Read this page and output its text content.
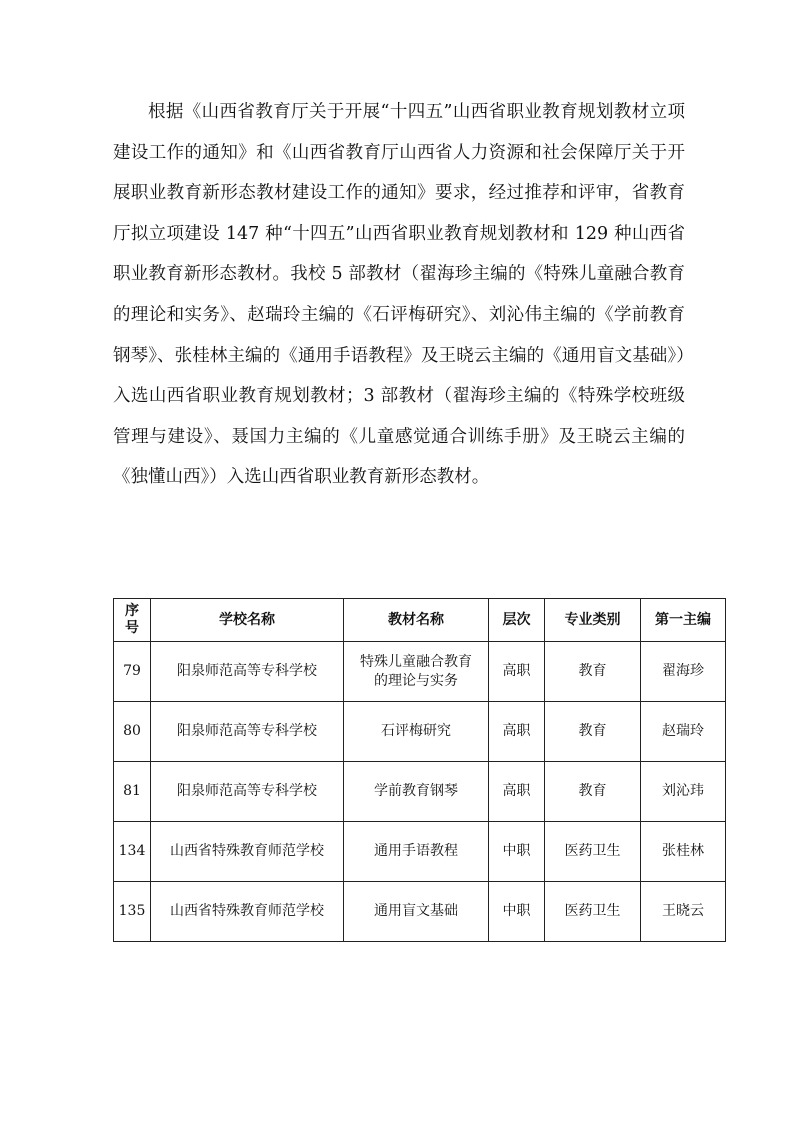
根据《山西省教育厅关于开展“十四五”山西省职业教育规划教材立项建设工作的通知》和《山西省教育厅山西省人力资源和社会保障厅关于开展职业教育新形态教材建设工作的通知》要求，经过推荐和评审，省教育厅拟立项建设 147 种“十四五”山西省职业教育规划教材和 129 种山西省职业教育新形态教材。我校 5 部教材（翟海珍主编的《特殊儿童融合教育的理论和实务》、赵瑞玲主编的《石评梅研究》、刘沁伟主编的《学前教育钢琴》、张桂林主编的《通用手语教程》及王晓云主编的《通用盲文基础》）入选山西省职业教育规划教材；3 部教材（翟海珍主编的《特殊学校班级管理与建设》、聂国力主编的《儿童感觉通合训练手册》及王晓云主编的《独懂山西》）入选山西省职业教育新形态教材。

序号	学校名称	教材名称	层次	专业类别	第一主编
79	阳泉师范高等专科学校	特殊儿童融合教育的理论与实务	高职	教育	翟海珍
80	阳泉师范高等专科学校	石评梅研究	高职	教育	赵瑞玲
81	阳泉师范高等专科学校	学前教育钢琴	高职	教育	刘沁玮
134	山西省特殊教育师范学校	通用手语教程	中职	医药卫生	张桂林
135	山西省特殊教育师范学校	通用盲文基础	中职	医药卫生	王晓云
